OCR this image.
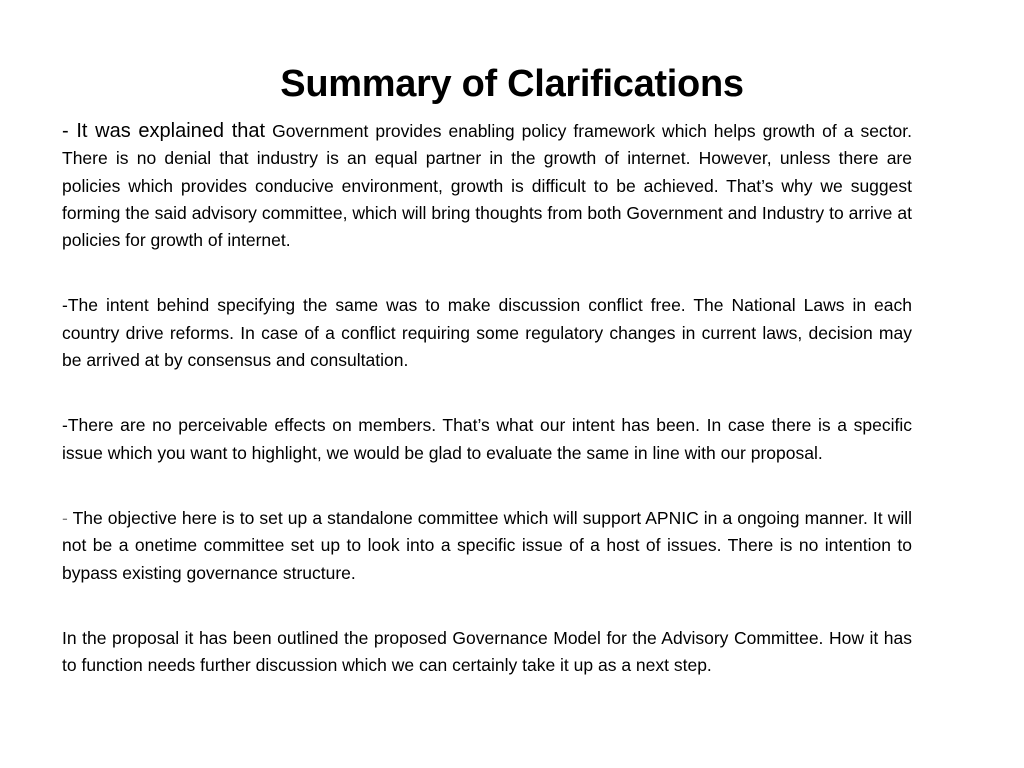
Summary of Clarifications

- It was explained that Government provides enabling policy framework which helps growth of a sector. There is no denial that industry is an equal partner in the growth of internet. However, unless there are policies which provides conducive environment, growth is difficult to be achieved. That’s why we suggest forming the said advisory committee, which will bring thoughts from both Government and Industry to arrive at policies for growth of internet.

-The intent behind specifying the same was to make discussion conflict free. The National Laws in each country drive reforms. In case of a conflict requiring some regulatory changes in current laws, decision may be arrived at by consensus and consultation.

-There are no perceivable effects on members. That’s what our intent has been. In case there is a specific issue which you want to highlight, we would be glad to evaluate the same in line with our proposal.

- The objective here is to set up a standalone committee which will support APNIC in a ongoing manner. It will not be a onetime committee set up to look into a specific issue of a host of issues. There is no intention to bypass existing governance structure.

In the proposal it has been outlined the proposed Governance Model for the Advisory Committee. How it has to function needs further discussion which we can certainly take it up as a next step.
